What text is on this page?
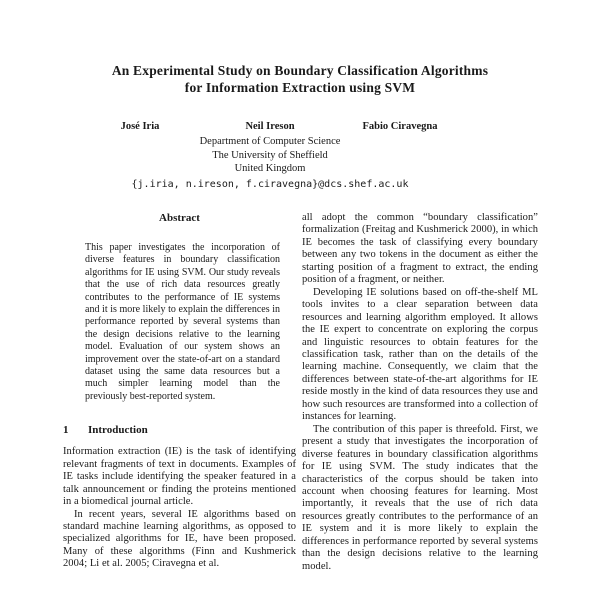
An Experimental Study on Boundary Classification Algorithms
for Information Extraction using SVM
José Iria	Neil Ireson	Fabio Ciravegna
Department of Computer Science
The University of Sheffield
United Kingdom
{j.iria, n.ireson, f.ciravegna}@dcs.shef.ac.uk
Abstract
This paper investigates the incorporation of diverse features in boundary classification algorithms for IE using SVM. Our study reveals that the use of rich data resources greatly contributes to the performance of IE systems and it is more likely to explain the differences in performance reported by several systems than the design decisions relative to the learning model. Evaluation of our system shows an improvement over the state-of-art on a standard dataset using the same data resources but a much simpler learning model than the previously best-reported system.
1 Introduction

Information extraction (IE) is the task of identifying relevant fragments of text in documents. Examples of IE tasks include identifying the speaker featured in a talk announcement or finding the proteins mentioned in a biomedical journal article.

In recent years, several IE algorithms based on standard machine learning algorithms, as opposed to specialized algorithms for IE, have been proposed. Many of these algorithms (Finn and Kushmerick 2004; Li et al. 2005; Ciravegna et al.

all adopt the common “boundary classification” formalization (Freitag and Kushmerick 2000), in which IE becomes the task of classifying every boundary between any two tokens in the document as either the starting position of a fragment to extract, the ending position of a fragment, or neither.

Developing IE solutions based on off-the-shelf ML tools invites to a clear separation between data resources and learning algorithm employed. It allows the IE expert to concentrate on exploring the corpus and linguistic resources to obtain features for the classification task, rather than on the details of the learning machine. Consequently, we claim that the differences between state-of-the-art algorithms for IE reside mostly in the kind of data resources they use and how such resources are transformed into a collection of instances for learning.

The contribution of this paper is threefold. First, we present a study that investigates the incorporation of diverse features in boundary classification algorithms for IE using SVM. The study indicates that the characteristics of the corpus should be taken into account when choosing features for learning. Most importantly, it reveals that the use of rich data resources greatly contributes to the performance of an IE system and it is more likely to explain the differences in performance reported by several systems than the design decisions relative to the learning model.
